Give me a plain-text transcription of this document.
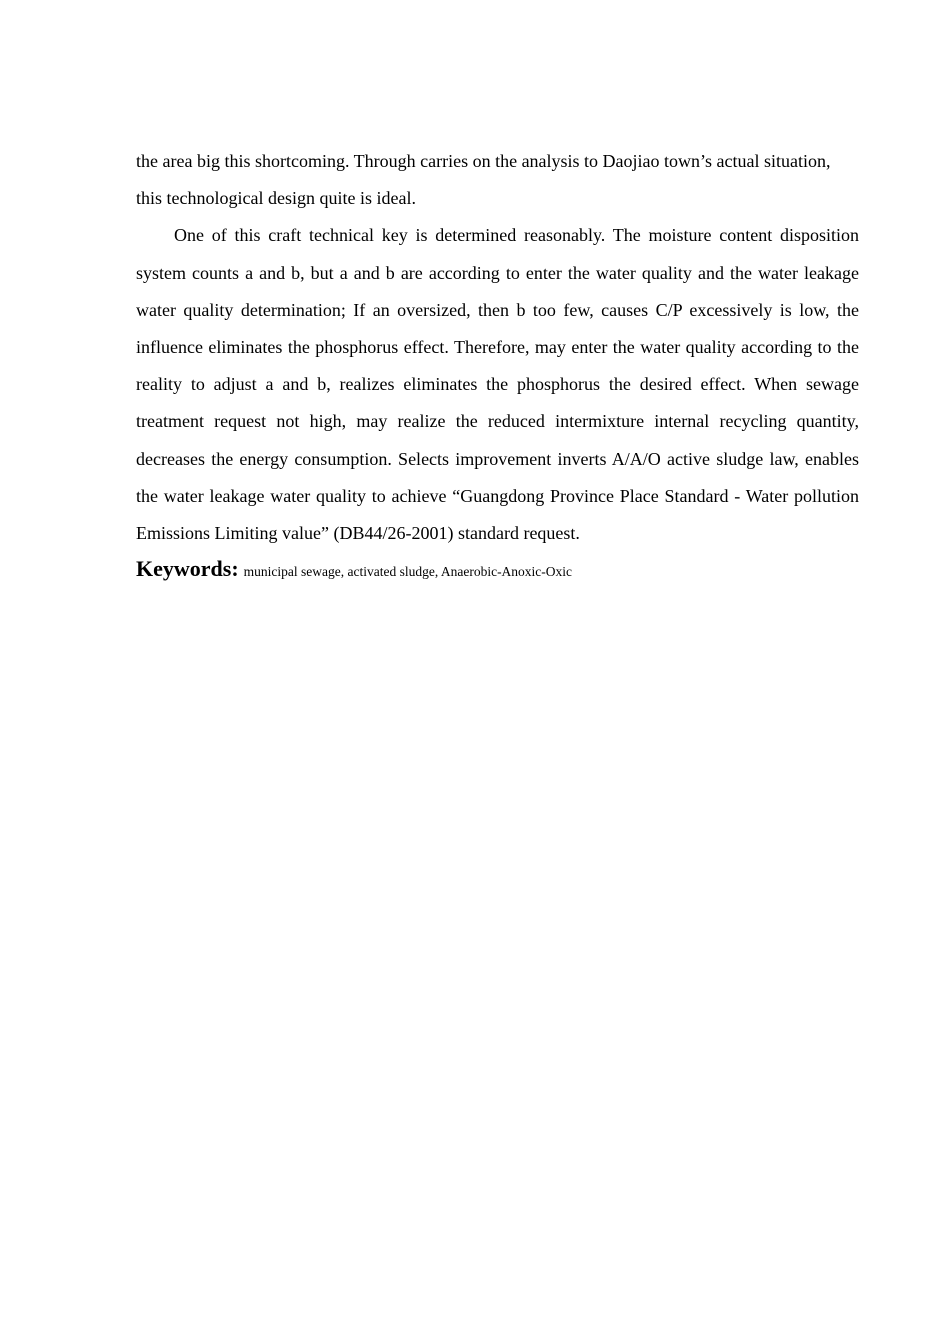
the area big this shortcoming. Through carries on the analysis to Daojiao town’s actual situation, this technological design quite is ideal.

One of this craft technical key is determined reasonably. The moisture content disposition system counts a and b, but a and b are according to enter the water quality and the water leakage water quality determination; If an oversized, then b too few, causes C/P excessively is low, the influence eliminates the phosphorus effect. Therefore, may enter the water quality according to the reality to adjust a and b, realizes eliminates the phosphorus the desired effect. When sewage treatment request not high, may realize the reduced intermixture internal recycling quantity, decreases the energy consumption. Selects improvement inverts A/A/O active sludge law, enables the water leakage water quality to achieve “Guangdong Province Place Standard - Water pollution Emissions Limiting value” (DB44/26-2001) standard request.

Keywords: municipal sewage, activated sludge, Anaerobic-Anoxic-Oxic
